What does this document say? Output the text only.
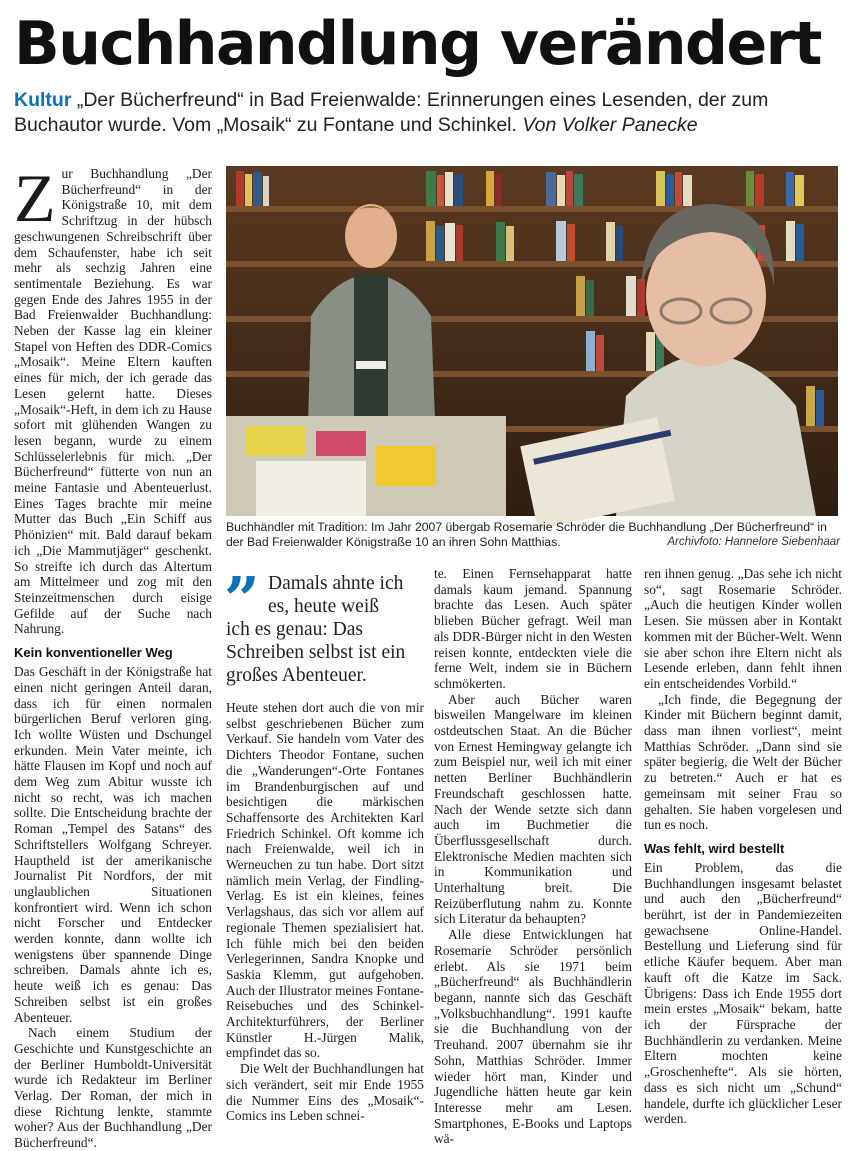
Buchhandlung verändert
Kultur „Der Bücherfreund“ in Bad Freienwalde: Erinnerungen eines Lesenden, der zum Buchautor wurde. Vom „Mosaik“ zu Fontane und Schinkel. Von Volker Panecke
Z ur Buchhandlung „Der Bücherfreund“ in der Königstraße 10, mit dem Schriftzug in der hübsch geschwungenen Schreibschrift über dem Schaufenster, habe ich seit mehr als sechzig Jahren eine sentimentale Beziehung. Es war gegen Ende des Jahres 1955 in der Bad Freienwalder Buchhandlung: Neben der Kasse lag ein kleiner Stapel von Heften des DDR-Comics „Mosaik“. Meine Eltern kauften eines für mich, der ich gerade das Lesen gelernt hatte. Dieses „Mosaik“-Heft, in dem ich zu Hause sofort mit glühenden Wangen zu lesen begann, wurde zu einem Schlüsselerlebnis für mich. „Der Bücherfreund“ fütterte von nun an meine Fantasie und Abenteuerlust. Eines Tages brachte mir meine Mutter das Buch „Ein Schiff aus Phönizien“ mit. Bald darauf bekam ich „Die Mammutjäger“ geschenkt. So streifte ich durch das Altertum am Mittelmeer und zog mit den Steinzeitmenschen durch eisige Gefilde auf der Suche nach Nahrung.

Kein konventioneller Weg

Das Geschäft in der Königstraße hat einen nicht geringen Anteil daran, dass ich für einen normalen bürgerlichen Beruf verloren ging. Ich wollte Wüsten und Dschungel erkunden. Mein Vater meinte, ich hätte Flausen im Kopf und noch auf dem Weg zum Abitur wusste ich nicht so recht, was ich machen sollte. Die Entscheidung brachte der Roman „Tempel des Satans“ des Schriftstellers Wolfgang Schreyer. Hauptheld ist der amerikanische Journalist Pit Nordfors, der mit unglaublichen Situationen konfrontiert wird. Wenn ich schon nicht Forscher und Entdecker werden konnte, dann wollte ich wenigstens über spannende Dinge schreiben. Damals ahnte ich es, heute weiß ich es genau: Das Schreiben selbst ist ein großes Abenteuer.

Nach einem Studium der Geschichte und Kunstgeschichte an der Berliner Humboldt-Universität wurde ich Redakteur im Berliner Verlag. Der Roman, der mich in diese Richtung lenkte, stammte woher? Aus der Buchhandlung „Der Bücherfreund“.

Buchhändler mit Tradition: Im Jahr 2007 übergab Rosemarie Schröder die Buchhandlung „Der Bücherfreund“ in der Bad Freienwalder Königstraße 10 an ihren Sohn Matthias.	Archivfoto: Hannelore Siebenhaar
” Damals ahnte ich es, heute weiß
ich es genau: Das Schreiben selbst ist ein großes Abenteuer.

Heute stehen dort auch die von mir selbst geschriebenen Bücher zum Verkauf. Sie handeln vom Vater des Dichters Theodor Fontane, suchen die „Wanderungen“-Orte Fontanes im Brandenburgischen auf und besichtigen die märkischen Schaffensorte des Architekten Karl Friedrich Schinkel. Oft komme ich nach Freienwalde, weil ich in Werneuchen zu tun habe. Dort sitzt nämlich mein Verlag, der Findling-Verlag. Es ist ein kleines, feines Verlagshaus, das sich vor allem auf regionale Themen spezialisiert hat. Ich fühle mich bei den beiden Verlegerinnen, Sandra Knopke und Saskia Klemm, gut aufgehoben. Auch der Illustrator meines Fontane-Reisebuches und des Schinkel-Architekturführers, der Berliner Künstler H.-Jürgen Malik, empfindet das so.

Die Welt der Buchhandlungen hat sich verändert, seit mir Ende 1955 die Nummer Eins des „Mosaik“-Comics ins Leben schnei-

te. Einen Fernsehapparat hatte damals kaum jemand. Spannung brachte das Lesen. Auch später blieben Bücher gefragt. Weil man als DDR-Bürger nicht in den Westen reisen konnte, entdeckten viele die ferne Welt, indem sie in Büchern schmökerten.

Aber auch Bücher waren bisweilen Mangelware im kleinen ostdeutschen Staat. An die Bücher von Ernest Hemingway gelangte ich zum Beispiel nur, weil ich mit einer netten Berliner Buchhändlerin Freundschaft geschlossen hatte. Nach der Wende setzte sich dann auch im Buchmetier die Überflussgesellschaft durch. Elektronische Medien machten sich in Kommunikation und Unterhaltung breit. Die Reizüberflutung nahm zu. Konnte sich Literatur da behaupten?

Alle diese Entwicklungen hat Rosemarie Schröder persönlich erlebt. Als sie 1971 beim „Bücherfreund“ als Buchhändlerin begann, nannte sich das Geschäft „Volksbuchhandlung“. 1991 kaufte sie die Buchhandlung von der Treuhand. 2007 übernahm sie ihr Sohn, Matthias Schröder. Immer wieder hört man, Kinder und Jugendliche hätten heute gar kein Interesse mehr am Lesen. Smartphones, E-Books und Laptops wä-

ren ihnen genug. „Das sehe ich nicht so“, sagt Rosemarie Schröder. „Auch die heutigen Kinder wollen Lesen. Sie müssen aber in Kontakt kommen mit der Bücher-Welt. Wenn sie aber schon ihre Eltern nicht als Lesende erleben, dann fehlt ihnen ein entscheidendes Vorbild.“

„Ich finde, die Begegnung der Kinder mit Büchern beginnt damit, dass man ihnen vorliest“, meint Matthias Schröder. „Dann sind sie später begierig, die Welt der Bücher zu betreten.“ Auch er hat es gemeinsam mit seiner Frau so gehalten. Sie haben vorgelesen und tun es noch.

Was fehlt, wird bestellt

Ein Problem, das die Buchhandlungen insgesamt belastet und auch den „Bücherfreund“ berührt, ist der in Pandemiezeiten gewachsene Online-Handel. Bestellung und Lieferung sind für etliche Käufer bequem. Aber man kauft oft die Katze im Sack. Übrigens: Dass ich Ende 1955 dort mein erstes „Mosaik“ bekam, hatte ich der Fürsprache der Buchhändlerin zu verdanken. Meine Eltern mochten keine „Groschenhefte“. Als sie hörten, dass es sich nicht um „Schund“ handele, durfte ich glücklicher Leser werden.
